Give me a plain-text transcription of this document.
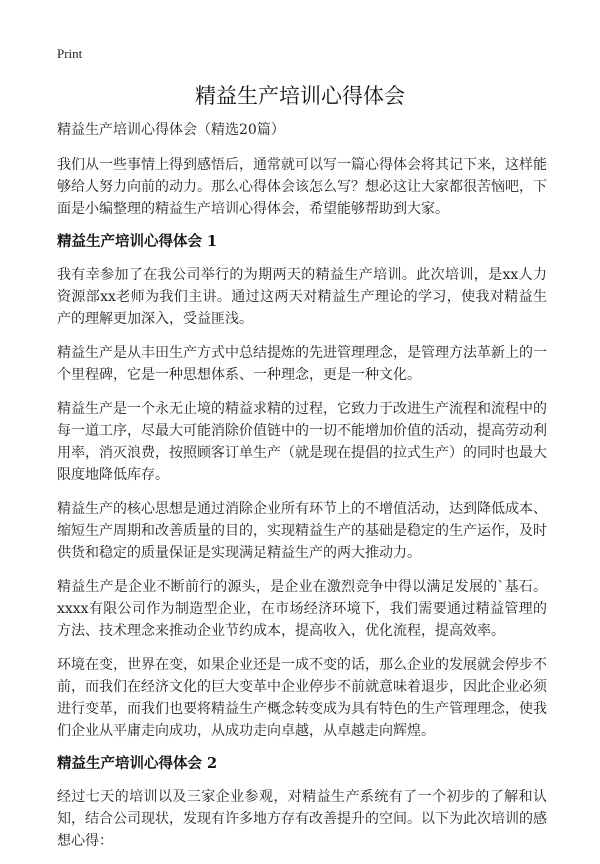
Print
精益生产培训心得体会
精益生产培训心得体会（精选20篇）

我们从一些事情上得到感悟后，通常就可以写一篇心得体会将其记下来，这样能够给人努力向前的动力。那么心得体会该怎么写？想必这让大家都很苦恼吧，下面是小编整理的精益生产培训心得体会，希望能够帮助到大家。

精益生产培训心得体会 1

我有幸参加了在我公司举行的为期两天的精益生产培训。此次培训，是xx人力资源部xx老师为我们主讲。通过这两天对精益生产理论的学习，使我对精益生产的理解更加深入，受益匪浅。

精益生产是从丰田生产方式中总结提炼的先进管理理念，是管理方法革新上的一个里程碑，它是一种思想体系、一种理念，更是一种文化。

精益生产是一个永无止境的精益求精的过程，它致力于改进生产流程和流程中的每一道工序，尽最大可能消除价值链中的一切不能增加价值的活动，提高劳动利用率，消灭浪费，按照顾客订单生产（就是现在提倡的拉式生产）的同时也最大限度地降低库存。

精益生产的核心思想是通过消除企业所有环节上的不增值活动，达到降低成本、缩短生产周期和改善质量的目的，实现精益生产的基础是稳定的生产运作，及时供货和稳定的质量保证是实现满足精益生产的两大推动力。

精益生产是企业不断前行的源头，是企业在激烈竞争中得以满足发展的`基石。xxxx有限公司作为制造型企业，在市场经济环境下，我们需要通过精益管理的方法、技术理念来推动企业节约成本，提高收入，优化流程，提高效率。

环境在变，世界在变，如果企业还是一成不变的话，那么企业的发展就会停步不前，而我们在经济文化的巨大变革中企业停步不前就意味着退步，因此企业必须进行变革，而我们也要将精益生产概念转变成为具有特色的生产管理理念，使我们企业从平庸走向成功，从成功走向卓越，从卓越走向辉煌。

精益生产培训心得体会 2

经过七天的培训以及三家企业参观，对精益生产系统有了一个初步的了解和认知，结合公司现状，发现有许多地方存有改善提升的空间。以下为此次培训的感想心得：
